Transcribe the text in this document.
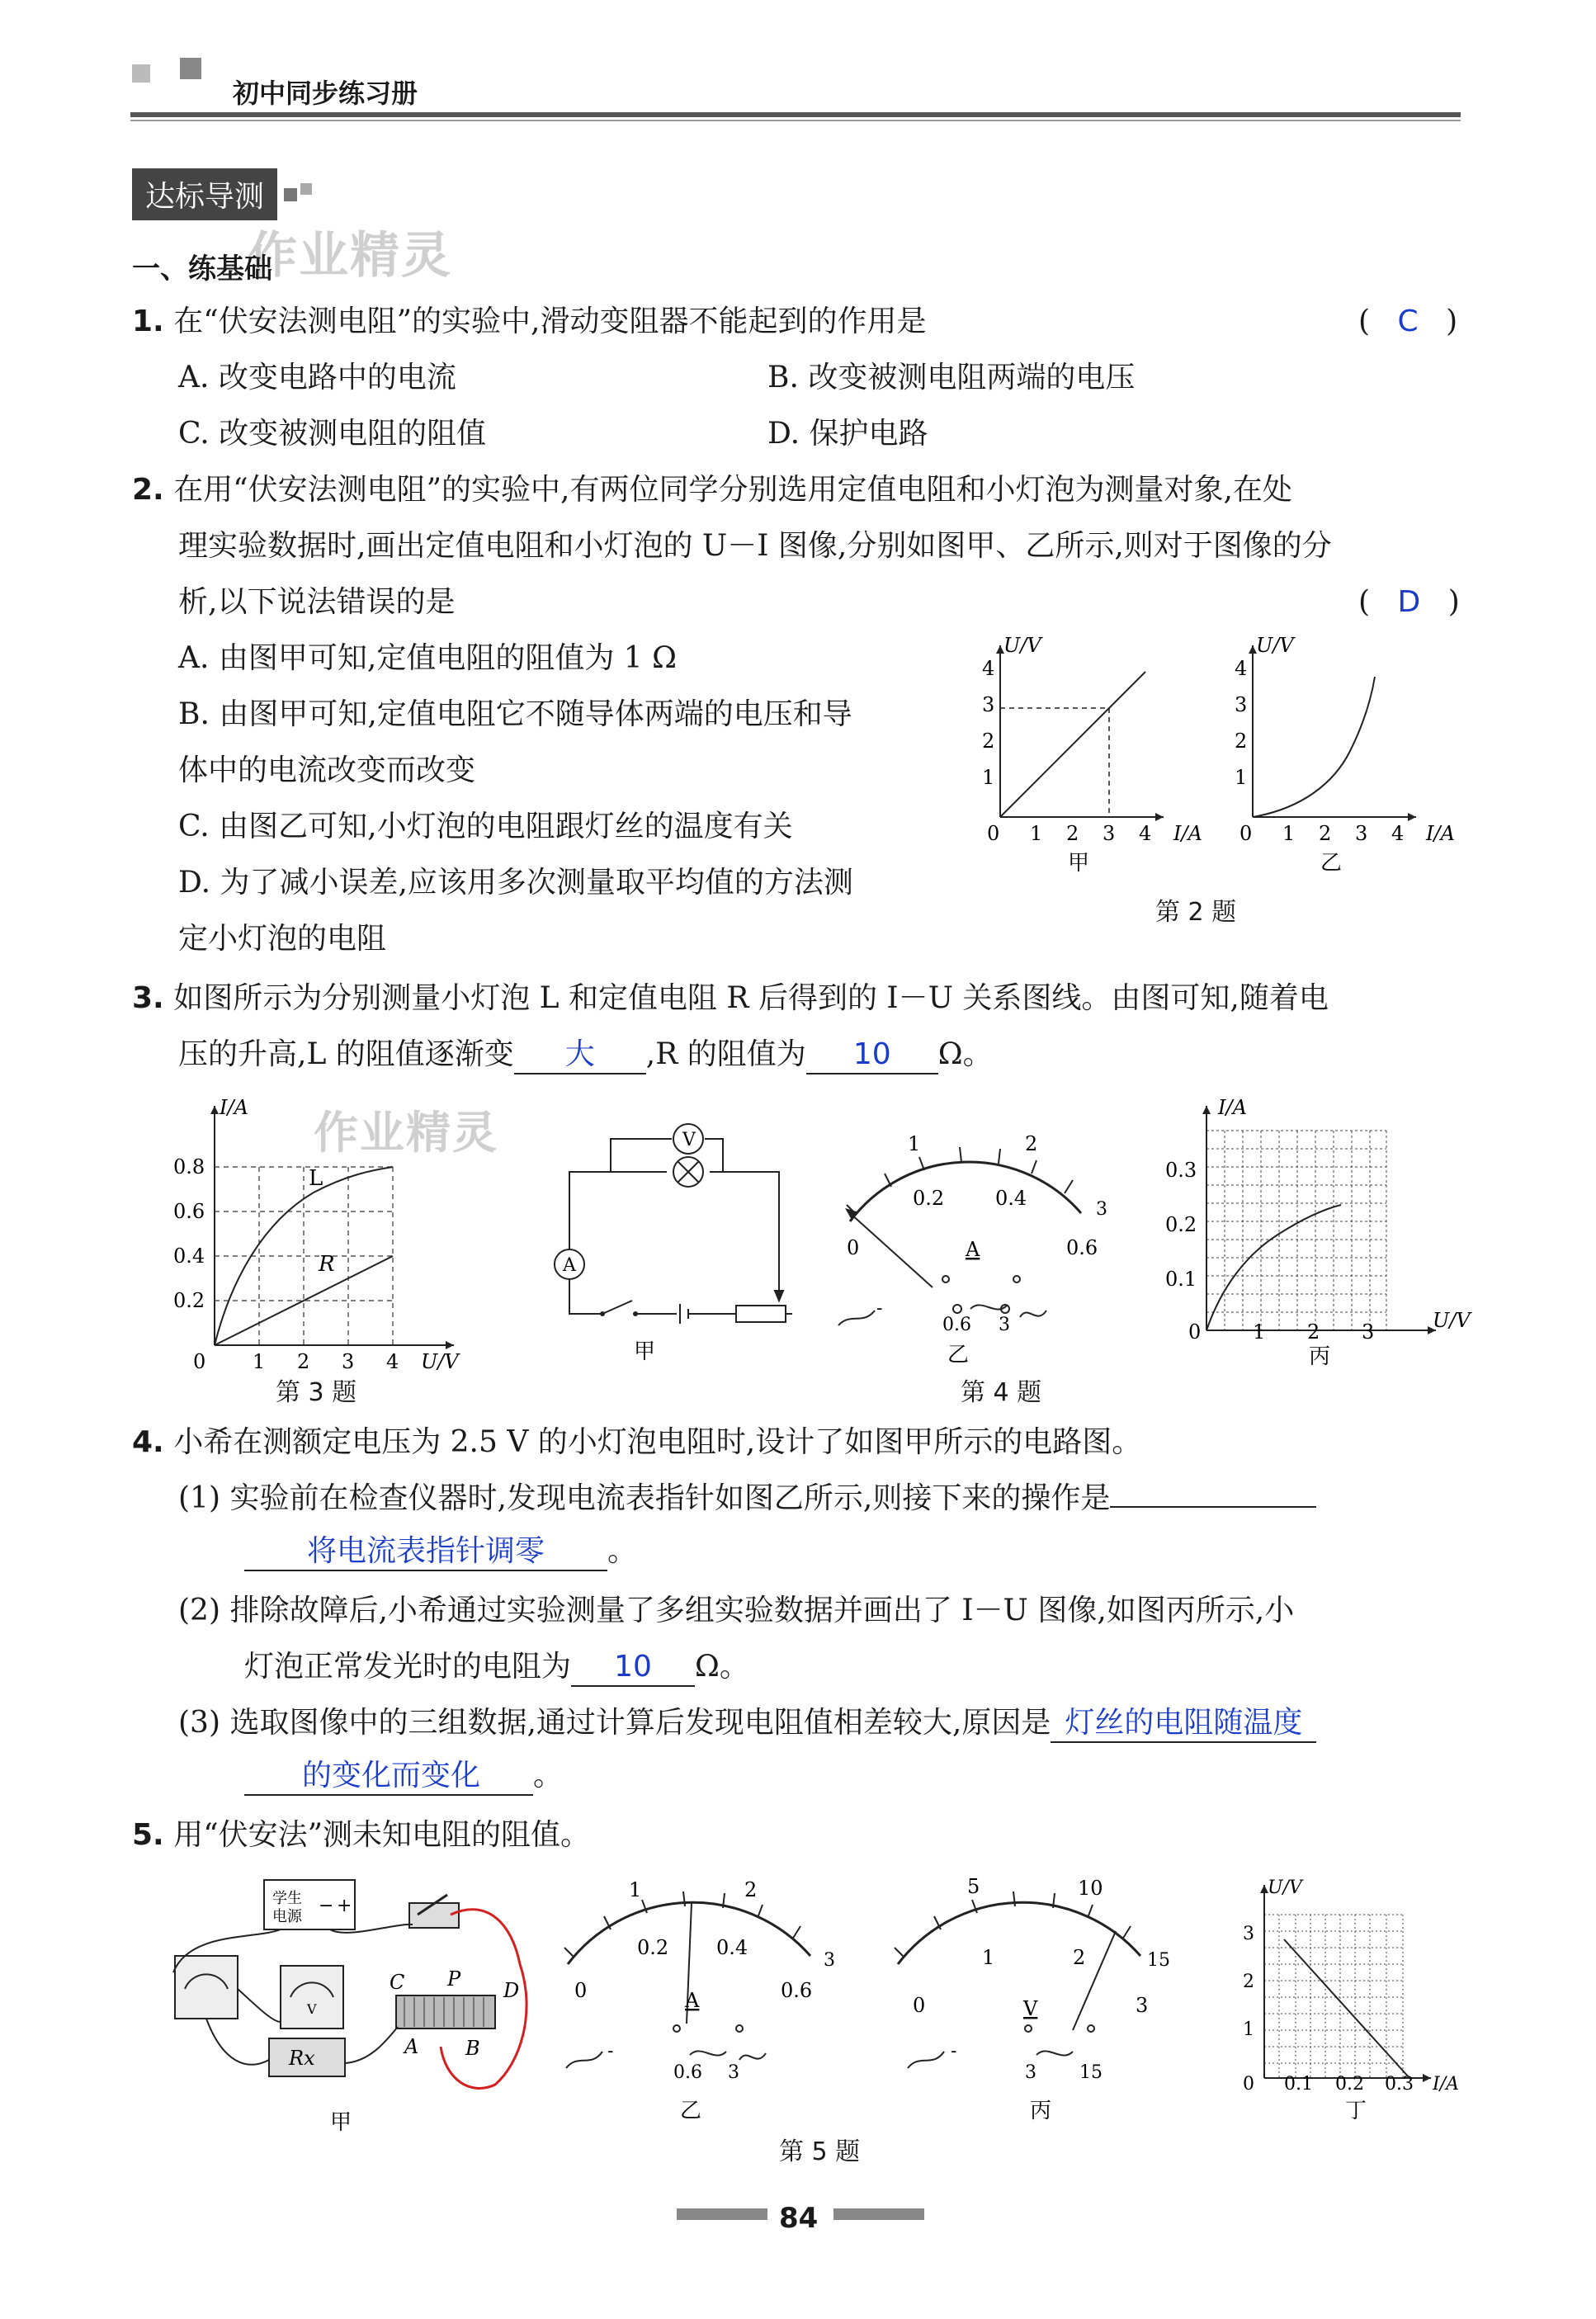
初中同步练习册
达标导测
作业精灵
一、练基础
1. 在“伏安法测电阻”的实验中,滑动变阻器不能起到的作用是	( C )
A. 改变电路中的电流	B. 改变被测电阻两端的电压
C. 改变被测电阻的阻值	D. 保护电路
2. 在用“伏安法测电阻”的实验中,有两位同学分别选用定值电阻和小灯泡为测量对象,在处
理实验数据时,画出定值电阻和小灯泡的 U－I 图像,分别如图甲、乙所示,则对于图像的分
析,以下说法错误的是	( D )
A. 由图甲可知,定值电阻的阻值为 1 Ω
B. 由图甲可知,定值电阻它不随导体两端的电压和导
体中的电流改变而改变
C. 由图乙可知,小灯泡的电阻跟灯丝的温度有关
D. 为了减小误差,应该用多次测量取平均值的方法测
定小灯泡的电阻
U/V
I/A
1
2
3
4
0 1 2 3 4
甲
U/V
I/A
1
2
3
4
0 1 2 3 4
乙
第 2 题
3. 如图所示为分别测量小灯泡 L 和定值电阻 R 后得到的 I－U 关系图线。由图可知,随着电
压的升高,L 的阻值逐渐变 大 ,R 的阻值为 10 Ω。
I/A
U/V
0.2
0.4
0.6
0.8
0 1 2 3 4
L
R
作业精灵
第 3 题
V
A
甲
1	2
3
0
0.2	0.4
0.6
A
-
0.6 3
乙
I/A
U/V
0.1
0.2
0.3
0	1 2 3
丙
第 4 题
4. 小希在测额定电压为 2.5 V 的小灯泡电阻时,设计了如图甲所示的电路图。
(1) 实验前在检查仪器时,发现电流表指针如图乙所示,则接下来的操作是
将电流表指针调零 。
(2) 排除故障后,小希通过实验测量了多组实验数据并画出了 I－U 图像,如图丙所示,小
灯泡正常发光时的电阻为 10 Ω。
(3) 选取图像中的三组数据,通过计算后发现电阻值相差较大,原因是 灯丝的电阻随温度
的变化而变化 。
5. 用“伏安法”测未知电阻的阻值。
学生
电源
− +
V
Rx
C P D
A B
甲
1	2
3
0
0.2 0.4
0.6
A
-
0.6 3
乙
5	10
15
0
1	2
3
V
-
3 15
丙
U/V
I/A
1
2
3
0 0.1 0.2 0.3
丁
第 5 题
84
